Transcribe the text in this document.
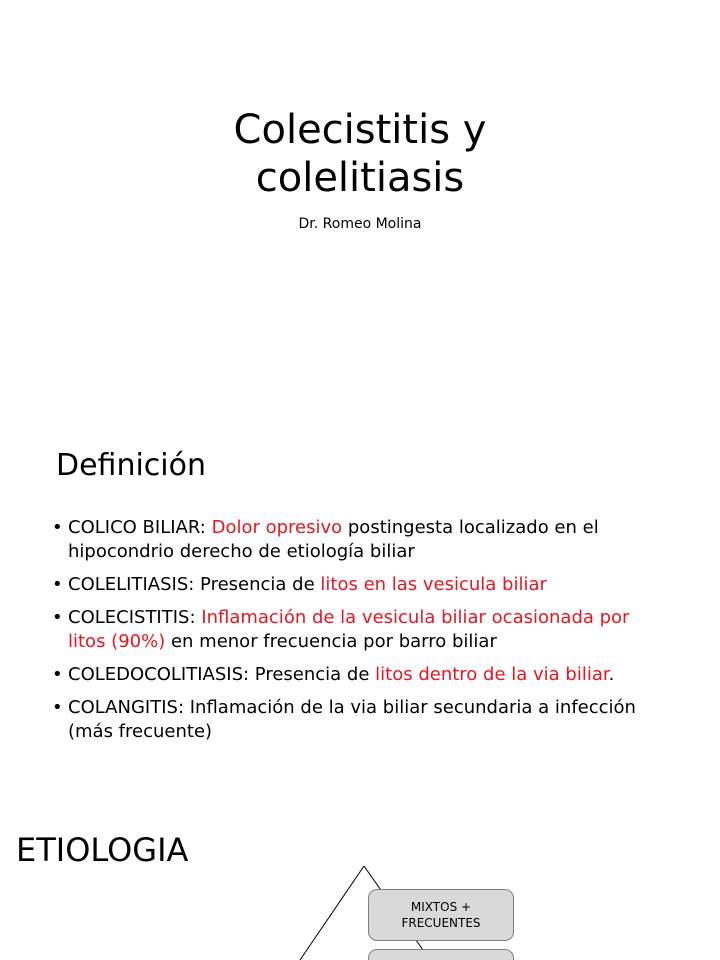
Colecistitis y
colelitiasis

Dr. Romeo Molina

Definición
• COLICO BILIAR: Dolor opresivo postingesta localizado en el hipocondrio derecho de etiología biliar
• COLELITIASIS: Presencia de litos en las vesicula biliar
• COLECISTITIS: Inflamación de la vesicula biliar ocasionada por litos (90%) en menor frecuencia por barro biliar
• COLEDOCOLITIASIS: Presencia de litos dentro de la via biliar.
• COLANGITIS: Inflamación de la via biliar secundaria a infección (más frecuente)
ETIOLOGIA
MIXTOS +
FRECUENTES
